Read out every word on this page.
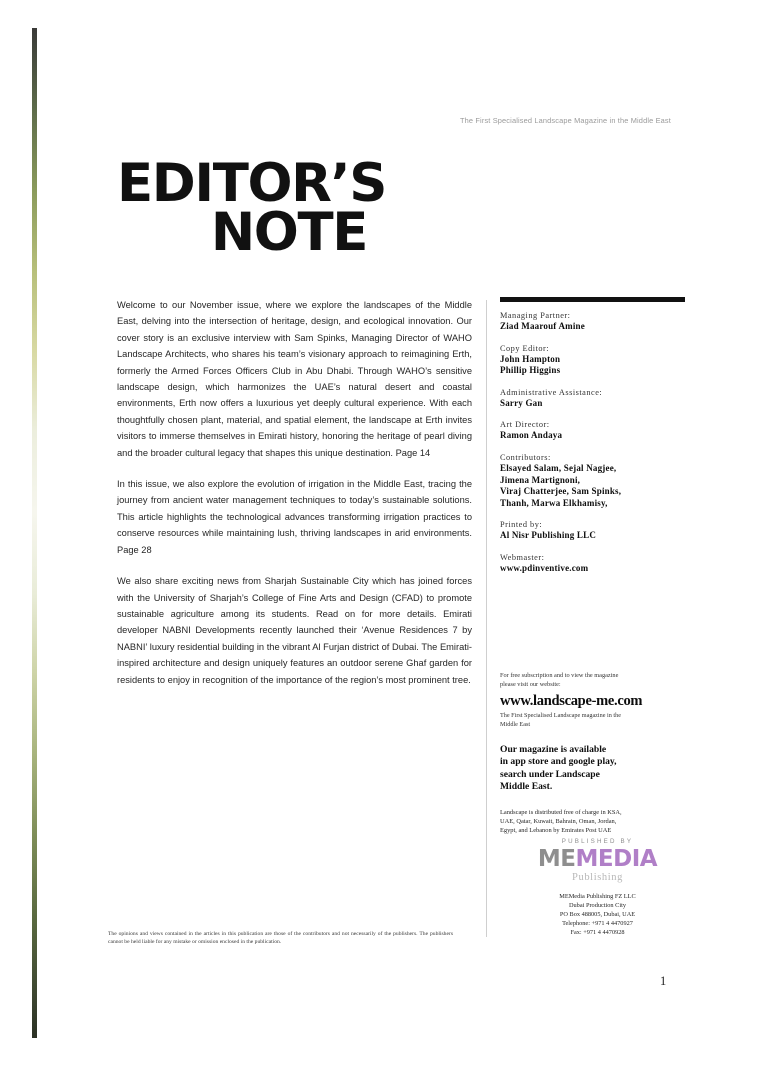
The First Specialised Landscape Magazine in the Middle East
EDITOR’S
NOTE

Welcome to our November issue, where we explore the landscapes of the Middle East, delving into the intersection of heritage, design, and ecological innovation. Our cover story is an exclusive interview with Sam Spinks, Managing Director of WAHO Landscape Architects, who shares his team’s visionary approach to reimagining Erth, formerly the Armed Forces Officers Club in Abu Dhabi. Through WAHO’s sensitive landscape design, which harmonizes the UAE’s natural desert and coastal environments, Erth now offers a luxurious yet deeply cultural experience. With each thoughtfully chosen plant, material, and spatial element, the landscape at Erth invites visitors to immerse themselves in Emirati history, honoring the heritage of pearl diving and the broader cultural legacy that shapes this unique destination. Page 14

In this issue, we also explore the evolution of irrigation in the Middle East, tracing the journey from ancient water management techniques to today’s sustainable solutions. This article highlights the technological advances transforming irrigation practices to conserve resources while maintaining lush, thriving landscapes in arid environments. Page 28

We also share exciting news from Sharjah Sustainable City which has joined forces with the University of Sharjah’s College of Fine Arts and Design (CFAD) to promote sustainable agriculture among its students. Read on for more details. Emirati developer NABNI Developments recently launched their ‘Avenue Residences 7 by NABNI’ luxury residential building in the vibrant Al Furjan district of Dubai. The Emirati-inspired architecture and design uniquely features an outdoor serene Ghaf garden for residents to enjoy in recognition of the importance of the region’s most prominent tree.

Managing Partner:
Ziad Maarouf Amine
Copy Editor:
John Hampton
Phillip Higgins
Administrative Assistance:
Sarry Gan
Art Director:
Ramon Andaya
Contributors:
Elsayed Salam, Sejal Nagjee,
Jimena Martignoni,
Viraj Chatterjee, Sam Spinks,
Thanh, Marwa Elkhamisy,
Printed by:
Al Nisr Publishing LLC
Webmaster:
www.pdinventive.com
For free subscription and to view the magazine
please visit our website:
www.landscape-me.com
The First Specialised Landscape magazine in the
Middle East
Our magazine is available
in app store and google play,
search under Landscape
Middle East.
Landscape is distributed free of charge in KSA,
UAE, Qatar, Kuwait, Bahrain, Oman, Jordan,
Egypt, and Lebanon by Emirates Post UAE
PUBLISHED BY
MEMEDIA
Publishing
MEMedia Publishing FZ LLC
Dubai Production City
PO Box 488005, Dubai, UAE
Telephone: +971 4 4470927
Fax: +971 4 4470928
The opinions and views contained in the articles in this publication are those of the contributors and not necessarily of the publishers. The publishers cannot be held liable for any mistake or omission enclosed in the publication.
1
